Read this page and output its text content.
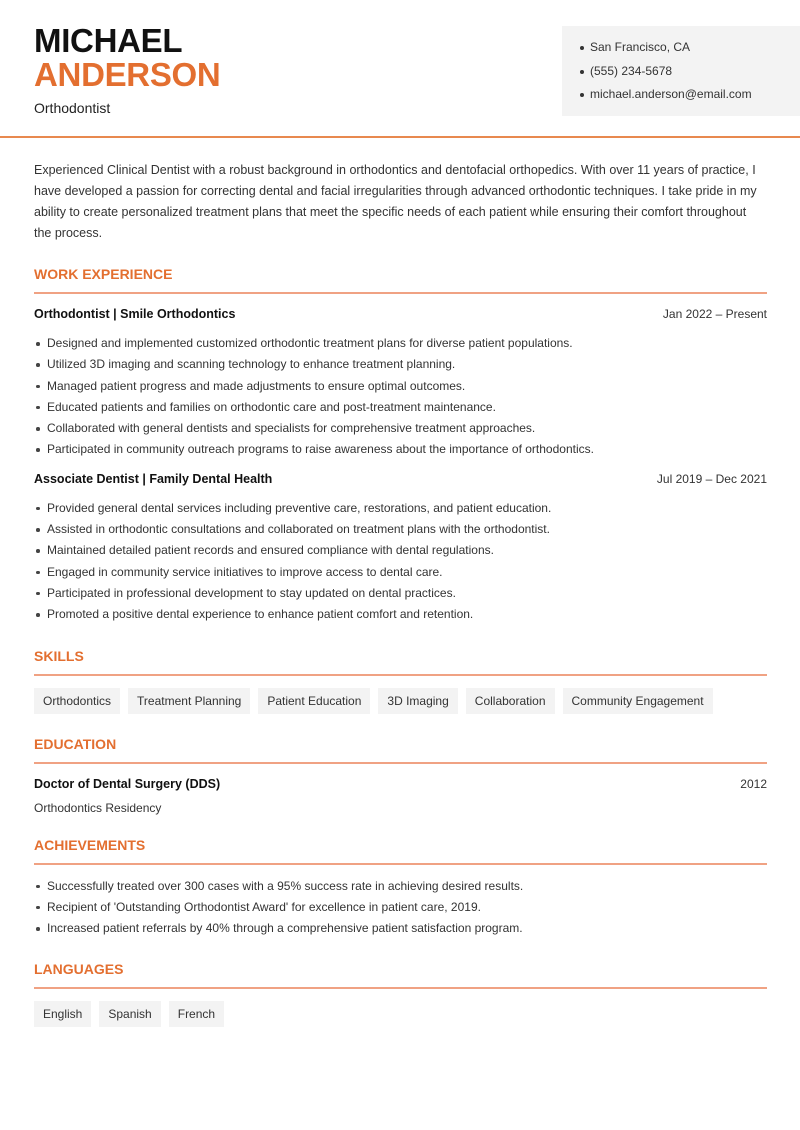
MICHAEL
ANDERSON
Orthodontist
San Francisco, CA
(555) 234-5678
michael.anderson@email.com

Experienced Clinical Dentist with a robust background in orthodontics and dentofacial orthopedics. With over 11 years of practice, I have developed a passion for correcting dental and facial irregularities through advanced orthodontic techniques. I take pride in my ability to create personalized treatment plans that meet the specific needs of each patient while ensuring their comfort throughout the process.

WORK EXPERIENCE
Orthodontist | Smile Orthodontics	Jan 2022 – Present
Designed and implemented customized orthodontic treatment plans for diverse patient populations.
Utilized 3D imaging and scanning technology to enhance treatment planning.
Managed patient progress and made adjustments to ensure optimal outcomes.
Educated patients and families on orthodontic care and post-treatment maintenance.
Collaborated with general dentists and specialists for comprehensive treatment approaches.
Participated in community outreach programs to raise awareness about the importance of orthodontics.
Associate Dentist | Family Dental Health	Jul 2019 – Dec 2021
Provided general dental services including preventive care, restorations, and patient education.
Assisted in orthodontic consultations and collaborated on treatment plans with the orthodontist.
Maintained detailed patient records and ensured compliance with dental regulations.
Engaged in community service initiatives to improve access to dental care.
Participated in professional development to stay updated on dental practices.
Promoted a positive dental experience to enhance patient comfort and retention.
SKILLS
Orthodontics	Treatment Planning	Patient Education	3D Imaging	Collaboration	Community Engagement
EDUCATION
Doctor of Dental Surgery (DDS)	2012
Orthodontics Residency
ACHIEVEMENTS
Successfully treated over 300 cases with a 95% success rate in achieving desired results.
Recipient of 'Outstanding Orthodontist Award' for excellence in patient care, 2019.
Increased patient referrals by 40% through a comprehensive patient satisfaction program.
LANGUAGES
English	Spanish	French
